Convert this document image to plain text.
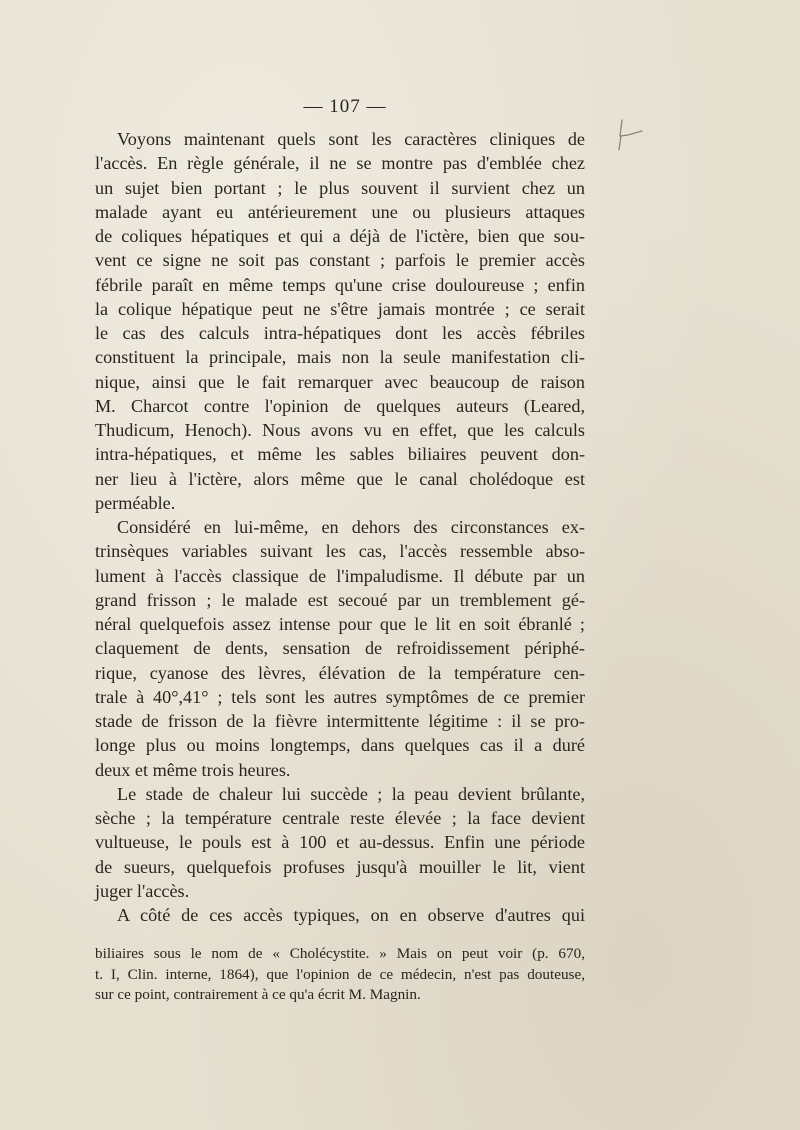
— 107 —
Voyons maintenant quels sont les caractères cliniques de
l'accès. En règle générale, il ne se montre pas d'emblée chez
un sujet bien portant ; le plus souvent il survient chez un
malade ayant eu antérieurement une ou plusieurs attaques
de coliques hépatiques et qui a déjà de l'ictère, bien que sou-
vent ce signe ne soit pas constant ; parfois le premier accès
fébrile paraît en même temps qu'une crise douloureuse ; enfin
la colique hépatique peut ne s'être jamais montrée ; ce serait
le cas des calculs intra-hépatiques dont les accès fébriles
constituent la principale, mais non la seule manifestation cli-
nique, ainsi que le fait remarquer avec beaucoup de raison
M. Charcot contre l'opinion de quelques auteurs (Leared,
Thudicum, Henoch). Nous avons vu en effet, que les calculs
intra-hépatiques, et même les sables biliaires peuvent don-
ner lieu à l'ictère, alors même que le canal cholédoque est
perméable.
Considéré en lui-même, en dehors des circonstances ex-
trinsèques variables suivant les cas, l'accès ressemble abso-
lument à l'accès classique de l'impaludisme. Il débute par un
grand frisson ; le malade est secoué par un tremblement gé-
néral quelquefois assez intense pour que le lit en soit ébranlé ;
claquement de dents, sensation de refroidissement périphé-
rique, cyanose des lèvres, élévation de la température cen-
trale à 40°,41° ; tels sont les autres symptômes de ce premier
stade de frisson de la fièvre intermittente légitime : il se pro-
longe plus ou moins longtemps, dans quelques cas il a duré
deux et même trois heures.
Le stade de chaleur lui succède ; la peau devient brûlante,
sèche ; la température centrale reste élevée ; la face devient
vultueuse, le pouls est à 100 et au-dessus. Enfin une période
de sueurs, quelquefois profuses jusqu'à mouiller le lit, vient
juger l'accès.
A côté de ces accès typiques, on en observe d'autres qui
biliaires sous le nom de « Cholécystite. » Mais on peut voir (p. 670,
t. I, Clin. interne, 1864), que l'opinion de ce médecin, n'est pas douteuse,
sur ce point, contrairement à ce qu'a écrit M. Magnin.
